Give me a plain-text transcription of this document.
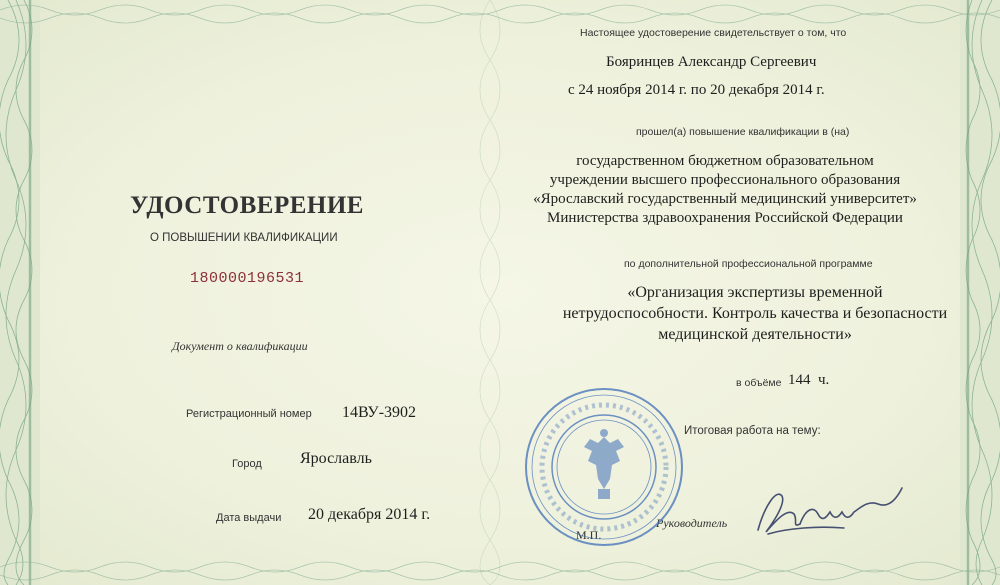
УДОСТОВЕРЕНИЕ
О ПОВЫШЕНИИ КВАЛИФИКАЦИИ
180000196531
Документ о квалификации
Регистрационный номер 14ВУ-3902
Город Ярославль
Дата выдачи 20 декабря 2014 г.
Настоящее удостоверение свидетельствует о том, что
Бояринцев Александр Сергеевич
с 24 ноября 2014 г. по 20 декабря 2014 г.
прошел(а) повышение квалификации в (на)
государственном бюджетном образовательном
учреждении высшего профессионального образования
«Ярославский государственный медицинский университет»
Министерства здравоохранения Российской Федерации
по дополнительной профессиональной программе
«Организация экспертизы временной
нетрудоспособности. Контроль качества и безопасности
медицинской деятельности»
в объёме 144 ч.
Итоговая работа на тему:
Руководитель
М.П.
